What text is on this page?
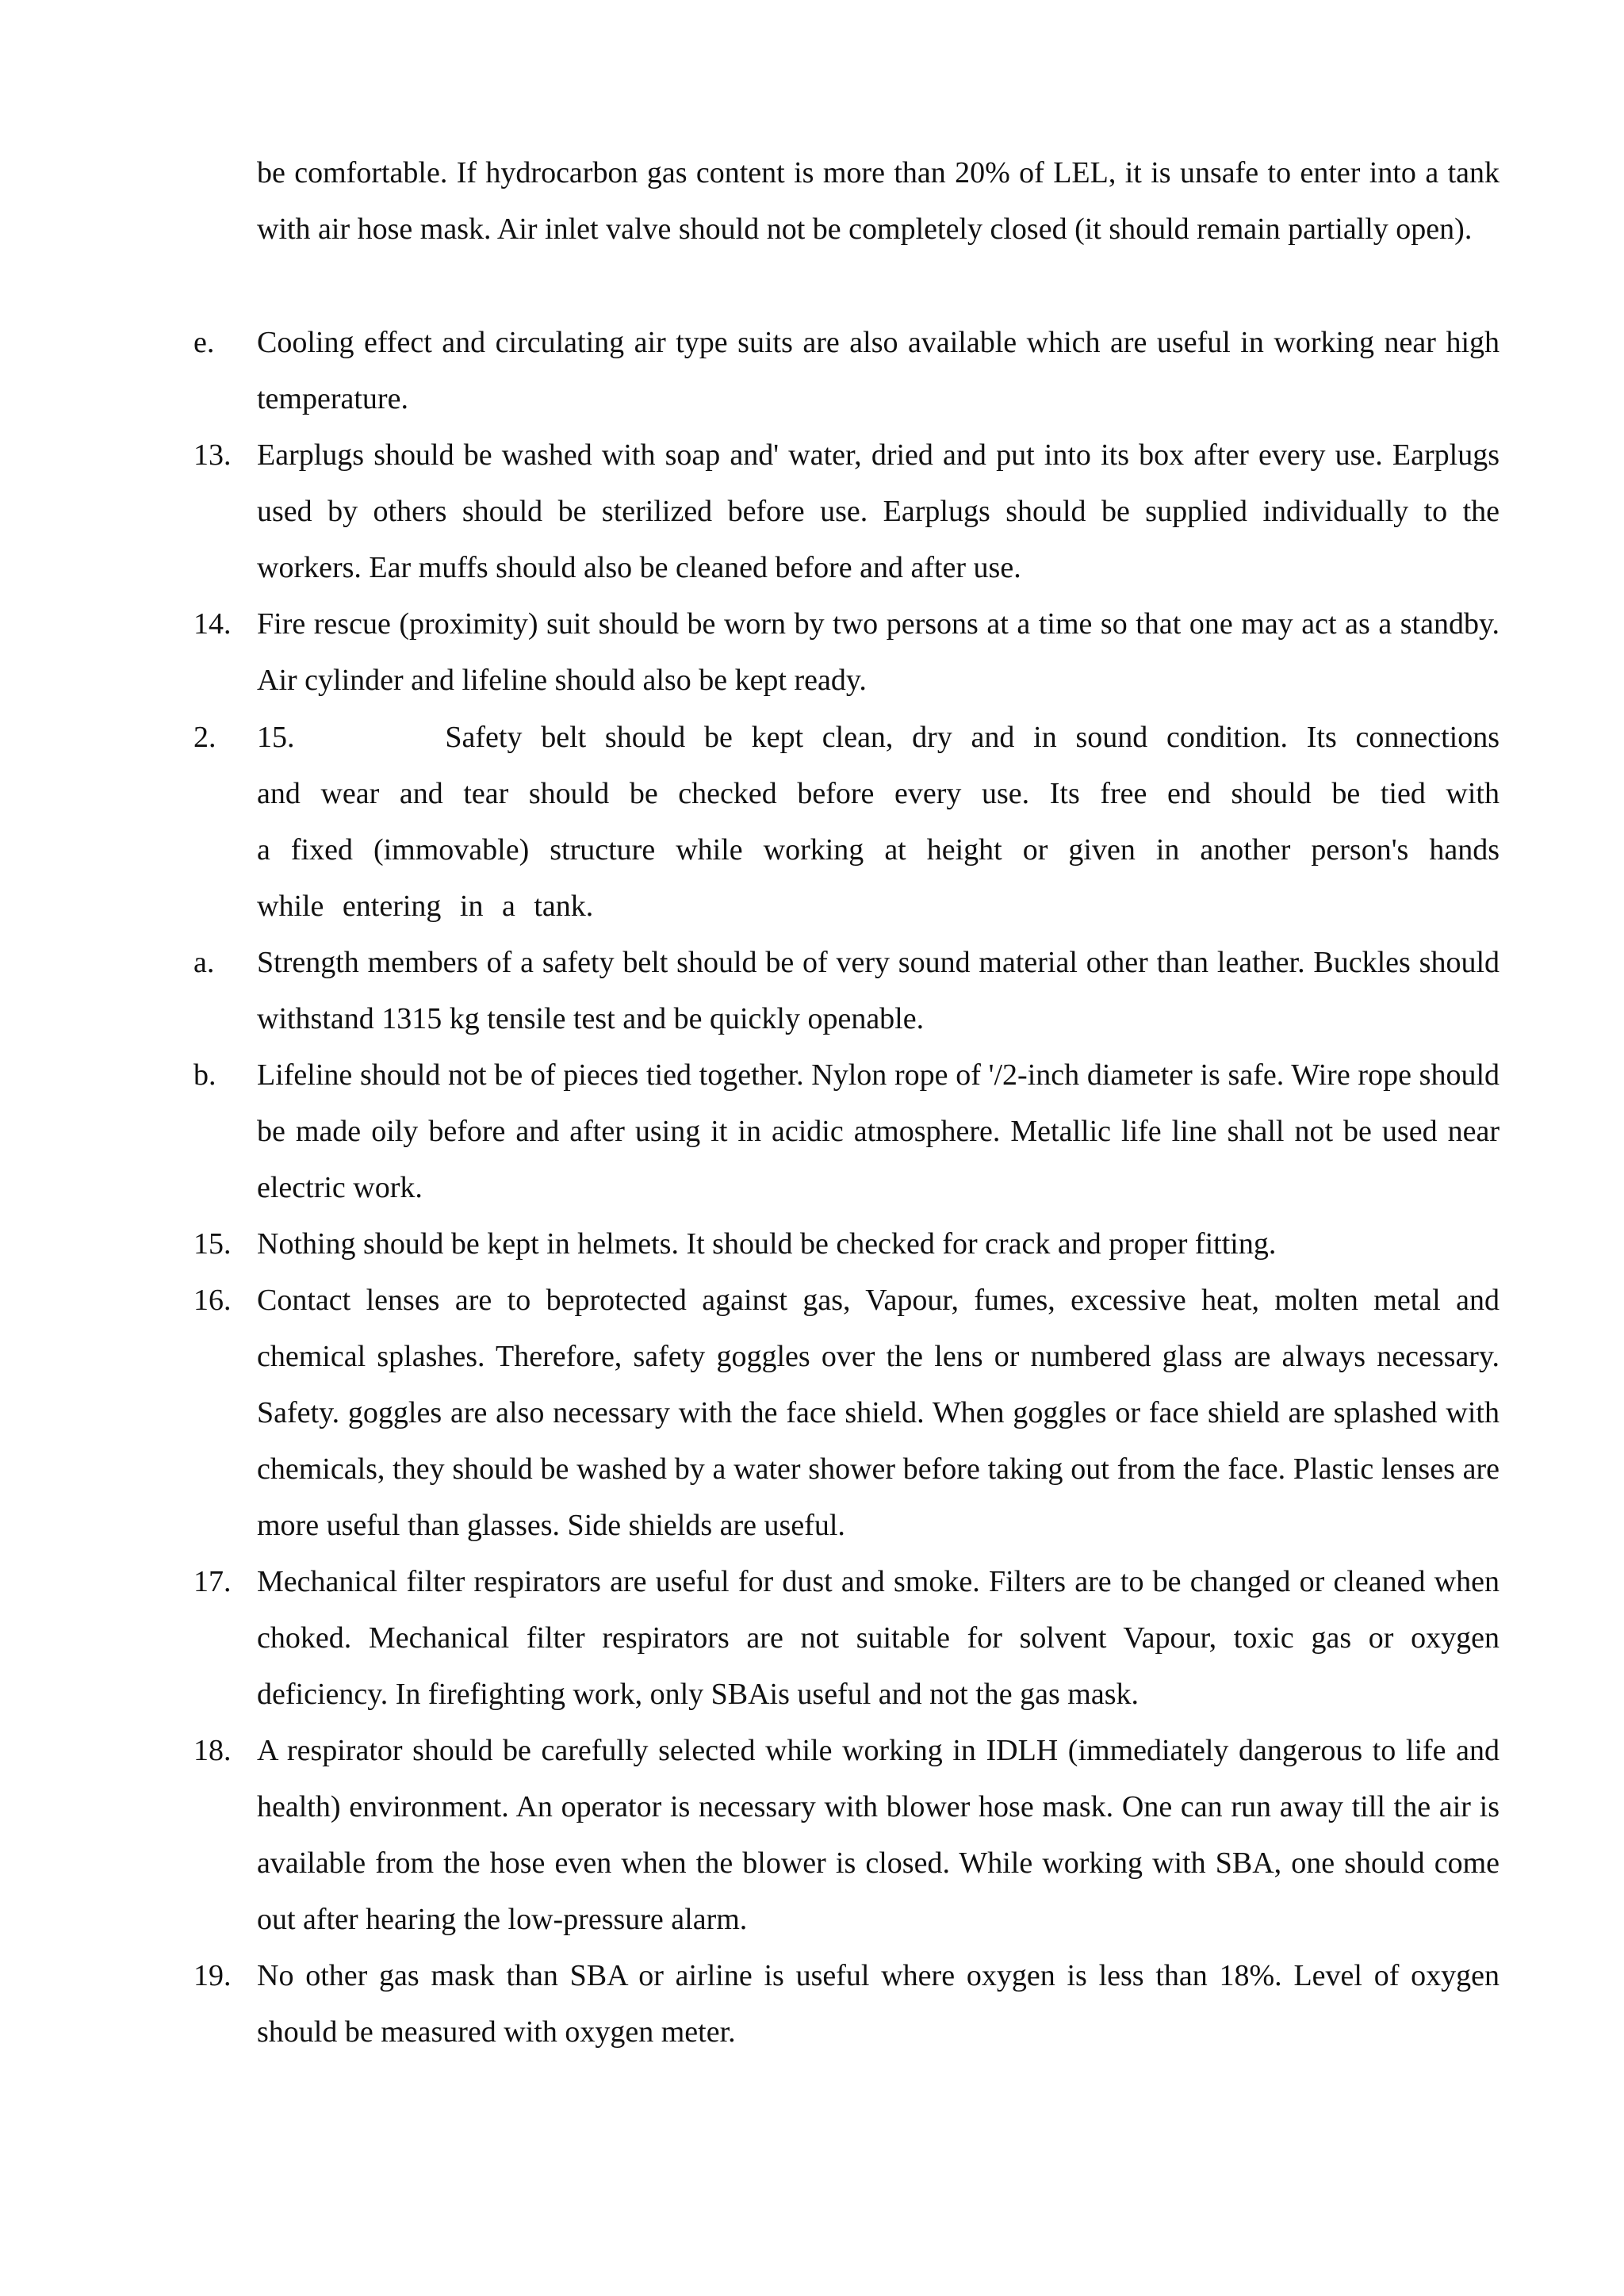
be comfortable. If hydrocarbon gas content is more than 20% of LEL, it is unsafe to enter into a tank with air hose mask. Air inlet valve should not be completely closed (it should remain partially open).
e. Cooling effect and circulating air type suits are also available which are useful in working near high temperature.
13. Earplugs should be washed with soap and' water, dried and put into its box after every use. Earplugs used by others should be sterilized before use. Earplugs should be supplied individually to the workers. Ear muffs should also be cleaned before and after use.
14. Fire rescue (proximity) suit should be worn by two persons at a time so that one may act as a standby. Air cylinder and lifeline should also be kept ready.
2. 15.        Safety belt should be kept clean, dry and in sound condition. Its connections and wear and tear should be checked before every use. Its free end should be tied with a fixed (immovable) structure while working at height or given in another person's hands while entering in a tank.
a. Strength members of a safety belt should be of very sound material other than leather. Buckles should withstand 1315 kg tensile test and be quickly openable.
b. Lifeline should not be of pieces tied together. Nylon rope of '/2-inch diameter is safe. Wire rope should be made oily before and after using it in acidic atmosphere. Metallic life line shall not be used near electric work.
15. Nothing should be kept in helmets. It should be checked for crack and proper fitting.
16. Contact lenses are to beprotected against gas, Vapour, fumes, excessive heat, molten metal and chemical splashes. Therefore, safety goggles over the lens or numbered glass are always necessary. Safety. goggles are also necessary with the face shield. When goggles or face shield are splashed with chemicals, they should be washed by a water shower before taking out from the face. Plastic lenses are more useful than glasses. Side shields are useful.
17. Mechanical filter respirators are useful for dust and smoke. Filters are to be changed or cleaned when choked. Mechanical filter respirators are not suitable for solvent Vapour, toxic gas or oxygen deficiency. In firefighting work, only SBAis useful and not the gas mask.
18. A respirator should be carefully selected while working in IDLH (immediately dangerous to life and health) environment. An operator is necessary with blower hose mask. One can run away till the air is available from the hose even when the blower is closed. While working with SBA, one should come out after hearing the low-pressure alarm.
19. No other gas mask than SBA or airline is useful where oxygen is less than 18%. Level of oxygen should be measured with oxygen meter.
